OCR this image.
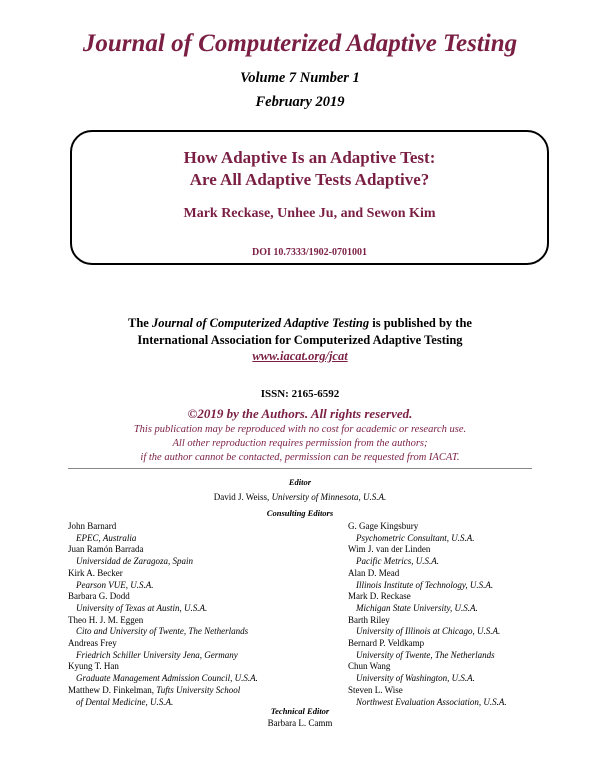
Journal of Computerized Adaptive Testing
Volume 7 Number 1
February 2019
How Adaptive Is an Adaptive Test:
Are All Adaptive Tests Adaptive?
Mark Reckase, Unhee Ju, and Sewon Kim
DOI 10.7333/1902-0701001
The Journal of Computerized Adaptive Testing is published by the
International Association for Computerized Adaptive Testing
www.iacat.org/jcat
ISSN: 2165-6592
©2019 by the Authors. All rights reserved.
This publication may be reproduced with no cost for academic or research use.
All other reproduction requires permission from the authors;
if the author cannot be contacted, permission can be requested from IACAT.
Editor
David J. Weiss, University of Minnesota, U.S.A.
Consulting Editors
John Barnard
EPEC, Australia
Juan Ramón Barrada
Universidad de Zaragoza, Spain
Kirk A. Becker
Pearson VUE, U.S.A.
Barbara G. Dodd
University of Texas at Austin, U.S.A.
Theo H. J. M. Eggen
Cito and University of Twente, The Netherlands
Andreas Frey
Friedrich Schiller University Jena, Germany
Kyung T. Han
Graduate Management Admission Council, U.S.A.
Matthew D. Finkelman, Tufts University School
of Dental Medicine, U.S.A.
G. Gage Kingsbury
Psychometric Consultant, U.S.A.
Wim J. van der Linden
Pacific Metrics, U.S.A.
Alan D. Mead
Illinois Institute of Technology, U.S.A.
Mark D. Reckase
Michigan State University, U.S.A.
Barth Riley
University of Illinois at Chicago, U.S.A.
Bernard P. Veldkamp
University of Twente, The Netherlands
Chun Wang
University of Washington, U.S.A.
Steven L. Wise
Northwest Evaluation Association, U.S.A.
Technical Editor
Barbara L. Camm
